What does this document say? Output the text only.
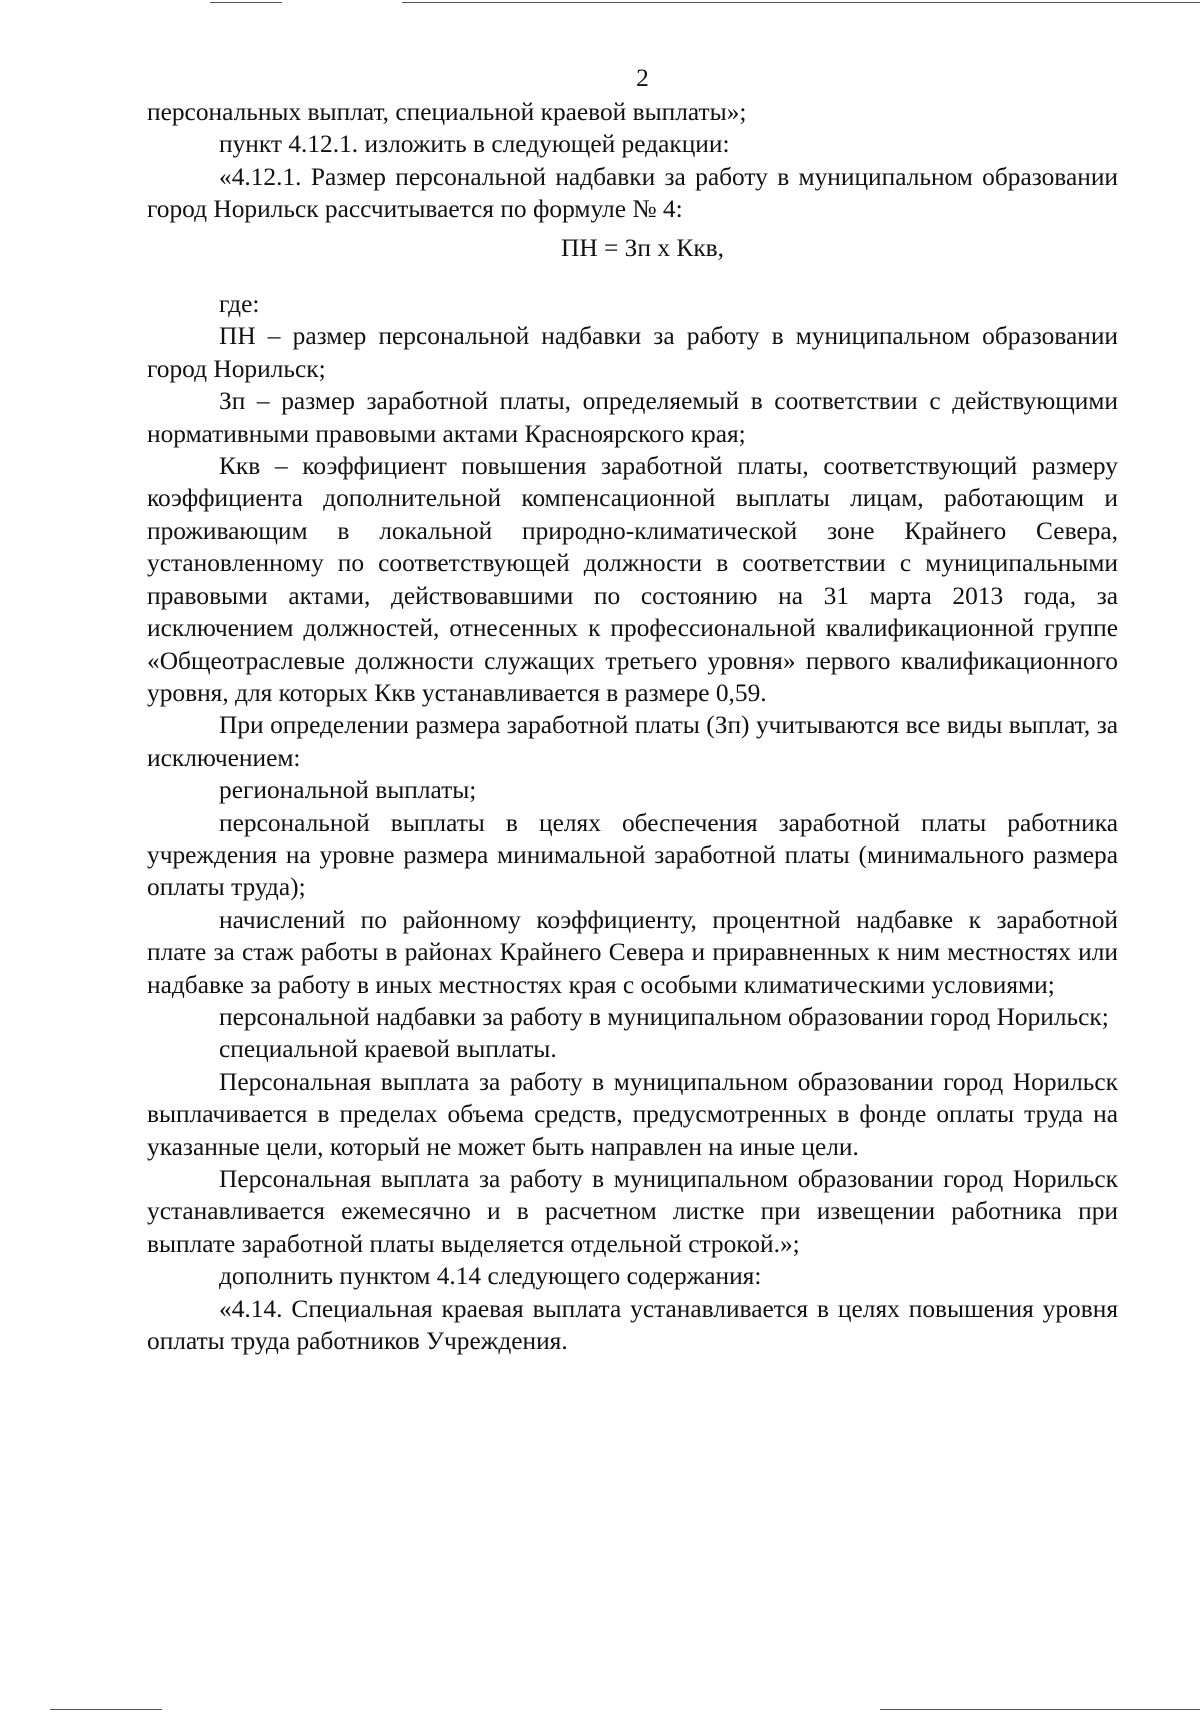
2

персональных выплат, специальной краевой выплаты»;

пункт 4.12.1. изложить в следующей редакции:

«4.12.1. Размер персональной надбавки за работу в муниципальном образовании город Норильск рассчитывается по формуле № 4:

ПН = Зп х Ккв,

где:

ПН – размер персональной надбавки за работу в муниципальном образовании город Норильск;

Зп – размер заработной платы, определяемый в соответствии с действующими нормативными правовыми актами Красноярского края;

Ккв – коэффициент повышения заработной платы, соответствующий размеру коэффициента дополнительной компенсационной выплаты лицам, работающим и проживающим в локальной природно-климатической зоне Крайнего Севера, установленному по соответствующей должности в соответствии с муниципальными правовыми актами, действовавшими по состоянию на 31 марта 2013 года, за исключением должностей, отнесенных к профессиональной квалификационной группе «Общеотраслевые должности служащих третьего уровня» первого квалификационного уровня, для которых Ккв устанавливается в размере 0,59.

При определении размера заработной платы (Зп) учитываются все виды выплат, за исключением:

региональной выплаты;

персональной выплаты в целях обеспечения заработной платы работника учреждения на уровне размера минимальной заработной платы (минимального размера оплаты труда);

начислений по районному коэффициенту, процентной надбавке к заработной плате за стаж работы в районах Крайнего Севера и приравненных к ним местностях или надбавке за работу в иных местностях края с особыми климатическими условиями;

персональной надбавки за работу в муниципальном образовании город Норильск;

специальной краевой выплаты.

Персональная выплата за работу в муниципальном образовании город Норильск выплачивается в пределах объема средств, предусмотренных в фонде оплаты труда на указанные цели, который не может быть направлен на иные цели.

Персональная выплата за работу в муниципальном образовании город Норильск устанавливается ежемесячно и в расчетном листке при извещении работника при выплате заработной платы выделяется отдельной строкой.»;

дополнить пунктом 4.14 следующего содержания:

«4.14. Специальная краевая выплата устанавливается в целях повышения уровня оплаты труда работников Учреждения.
